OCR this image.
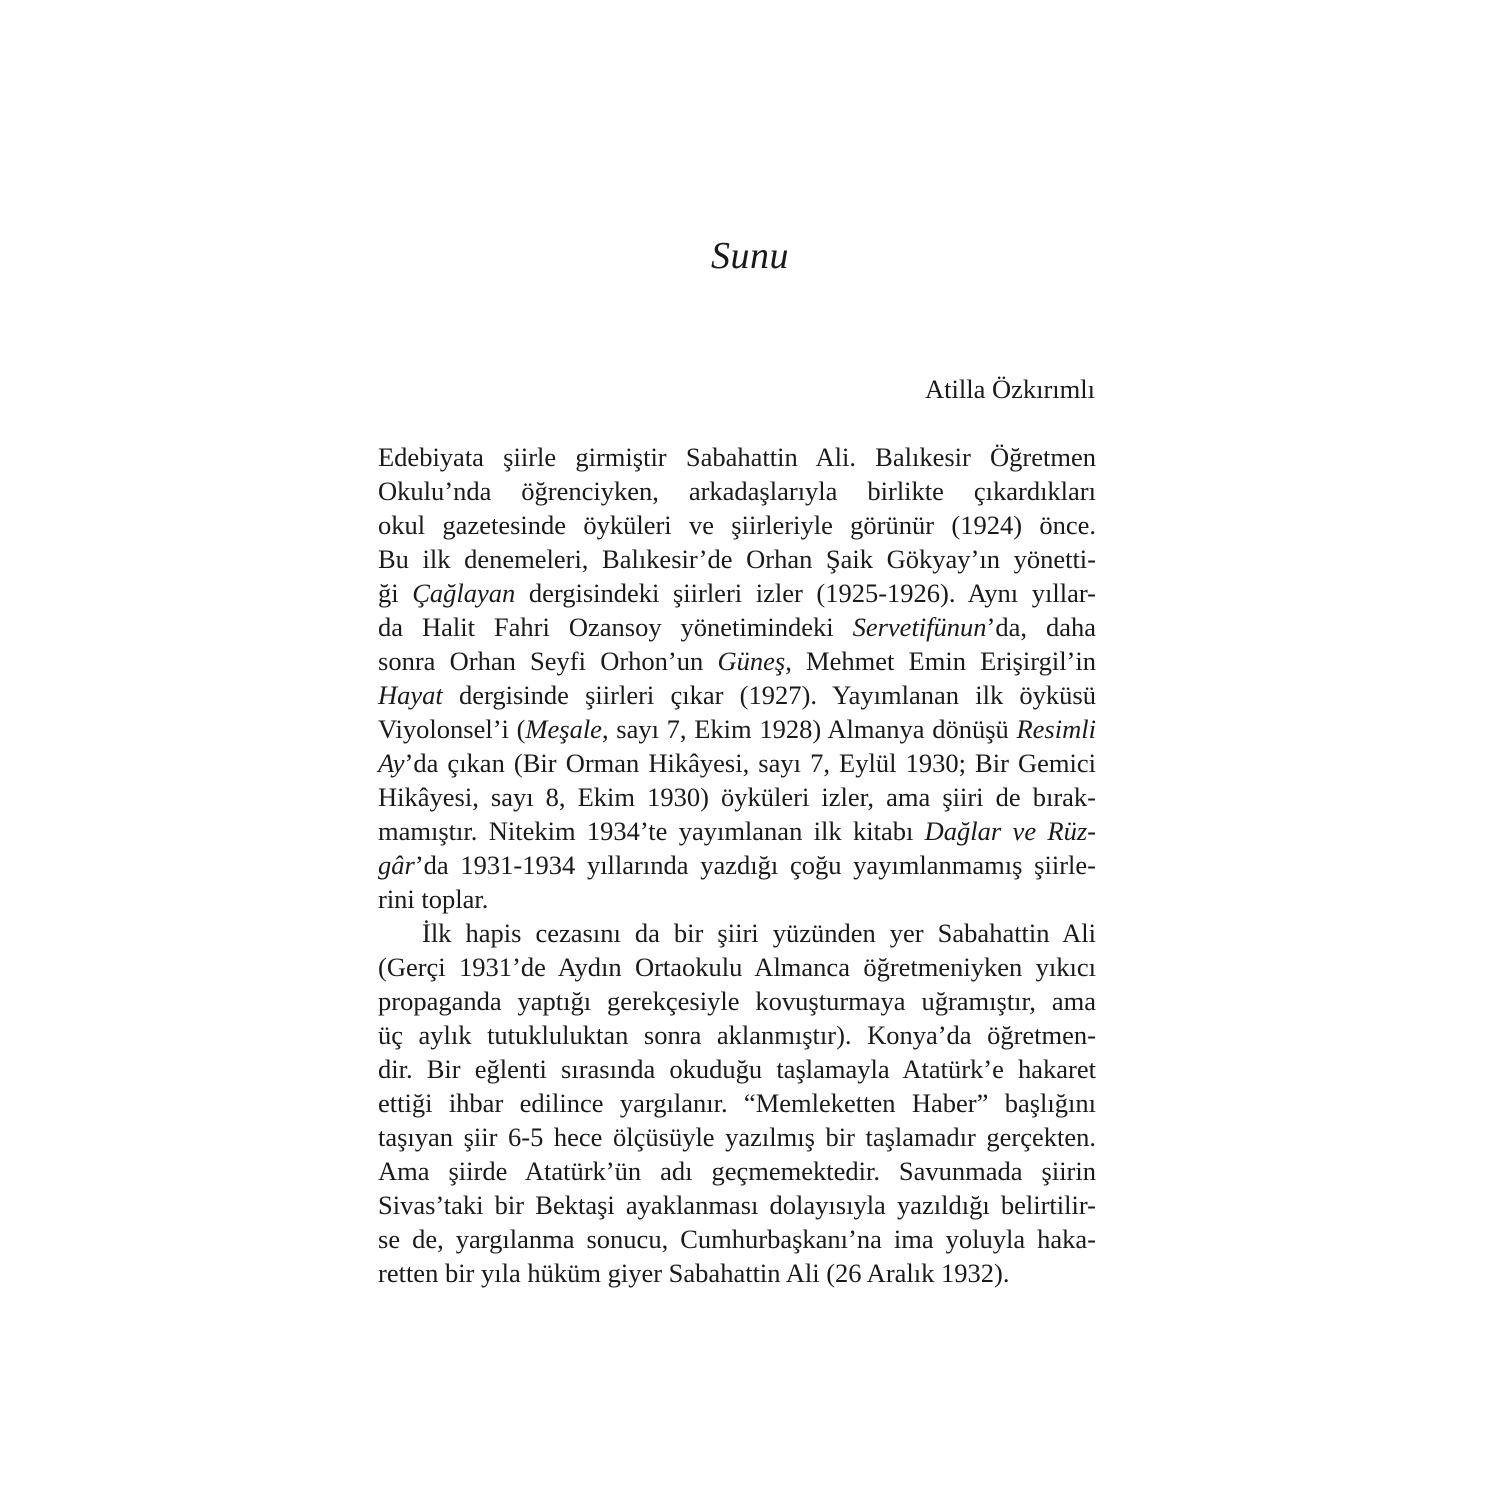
Sunu
Atilla Özkırımlı
Edebiyata şiirle girmiştir Sabahattin Ali. Balıkesir Öğretmen
Okulu’nda öğrenciyken, arkadaşlarıyla birlikte çıkardıkları
okul gazetesinde öyküleri ve şiirleriyle görünür (1924) önce.
Bu ilk denemeleri, Balıkesir’de Orhan Şaik Gökyay’ın yönetti-
ği Çağlayan dergisindeki şiirleri izler (1925-1926). Aynı yıllar-
da Halit Fahri Ozansoy yönetimindeki Servetifünun’da, daha
sonra Orhan Seyfi Orhon’un Güneş, Mehmet Emin Erişirgil’in
Hayat dergisinde şiirleri çıkar (1927). Yayımlanan ilk öyküsü
Viyolonsel’i (Meşale, sayı 7, Ekim 1928) Almanya dönüşü Resimli
Ay’da çıkan (Bir Orman Hikâyesi, sayı 7, Eylül 1930; Bir Gemici
Hikâyesi, sayı 8, Ekim 1930) öyküleri izler, ama şiiri de bırak-
mamıştır. Nitekim 1934’te yayımlanan ilk kitabı Dağlar ve Rüz-
gâr’da 1931-1934 yıllarında yazdığı çoğu yayımlanmamış şiirle-
rini toplar.
İlk hapis cezasını da bir şiiri yüzünden yer Sabahattin Ali
(Gerçi 1931’de Aydın Ortaokulu Almanca öğretmeniyken yıkıcı
propaganda yaptığı gerekçesiyle kovuşturmaya uğramıştır, ama
üç aylık tutukluluktan sonra aklanmıştır). Konya’da öğretmen-
dir. Bir eğlenti sırasında okuduğu taşlamayla Atatürk’e hakaret
ettiği ihbar edilince yargılanır. “Memleketten Haber” başlığını
taşıyan şiir 6-5 hece ölçüsüyle yazılmış bir taşlamadır gerçekten.
Ama şiirde Atatürk’ün adı geçmemektedir. Savunmada şiirin
Sivas’taki bir Bektaşi ayaklanması dolayısıyla yazıldığı belirtilir-
se de, yargılanma sonucu, Cumhurbaşkanı’na ima yoluyla haka-
retten bir yıla hüküm giyer Sabahattin Ali (26 Aralık 1932).
